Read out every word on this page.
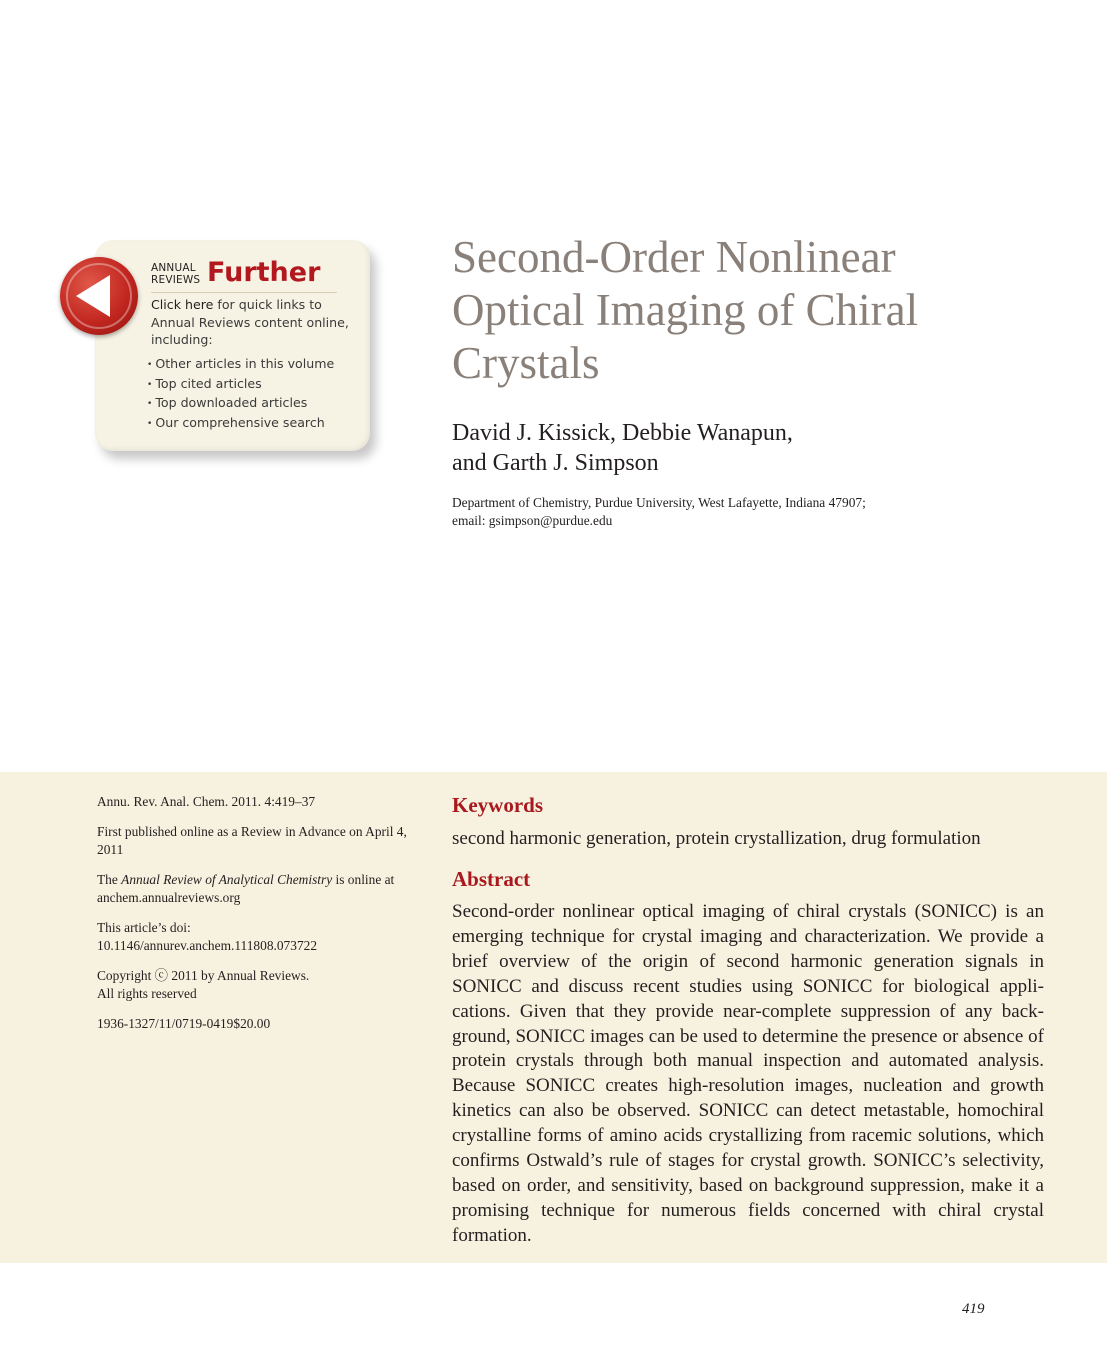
ANNUAL
REVIEWS Further
Click here for quick links to Annual Reviews content online, including:
• Other articles in this volume
• Top cited articles
• Top downloaded articles
• Our comprehensive search
Second-Order Nonlinear Optical Imaging of Chiral Crystals
David J. Kissick, Debbie Wanapun,
and Garth J. Simpson
Department of Chemistry, Purdue University, West Lafayette, Indiana 47907;
email: gsimpson@purdue.edu

Annu. Rev. Anal. Chem. 2011. 4:419–37

First published online as a Review in Advance on April 4, 2011

The Annual Review of Analytical Chemistry is online at anchem.annualreviews.org

This article’s doi:
10.1146/annurev.anchem.111808.073722

Copyright ⓒ 2011 by Annual Reviews.
All rights reserved

1936-1327/11/0719-0419$20.00

Keywords
second harmonic generation, protein crystallization, drug formulation
Abstract
Second-order nonlinear optical imaging of chiral crystals (SONICC) is an emerging technique for crystal imaging and characterization. We provide a brief overview of the origin of second harmonic generation signals in SONICC and discuss recent studies using SONICC for biological applications. Given that they provide near-complete suppression of any background, SONICC images can be used to determine the presence or absence of protein crystals through both manual inspection and automated analysis. Because SONICC creates high-resolution images, nucleation and growth kinetics can also be observed. SONICC can detect metastable, homochiral crystalline forms of amino acids crystallizing from racemic solutions, which confirms Ostwald’s rule of stages for crystal growth. SONICC’s selectivity, based on order, and sensitivity, based on background suppression, make it a promising technique for numerous fields concerned with chiral crystal formation.
419
